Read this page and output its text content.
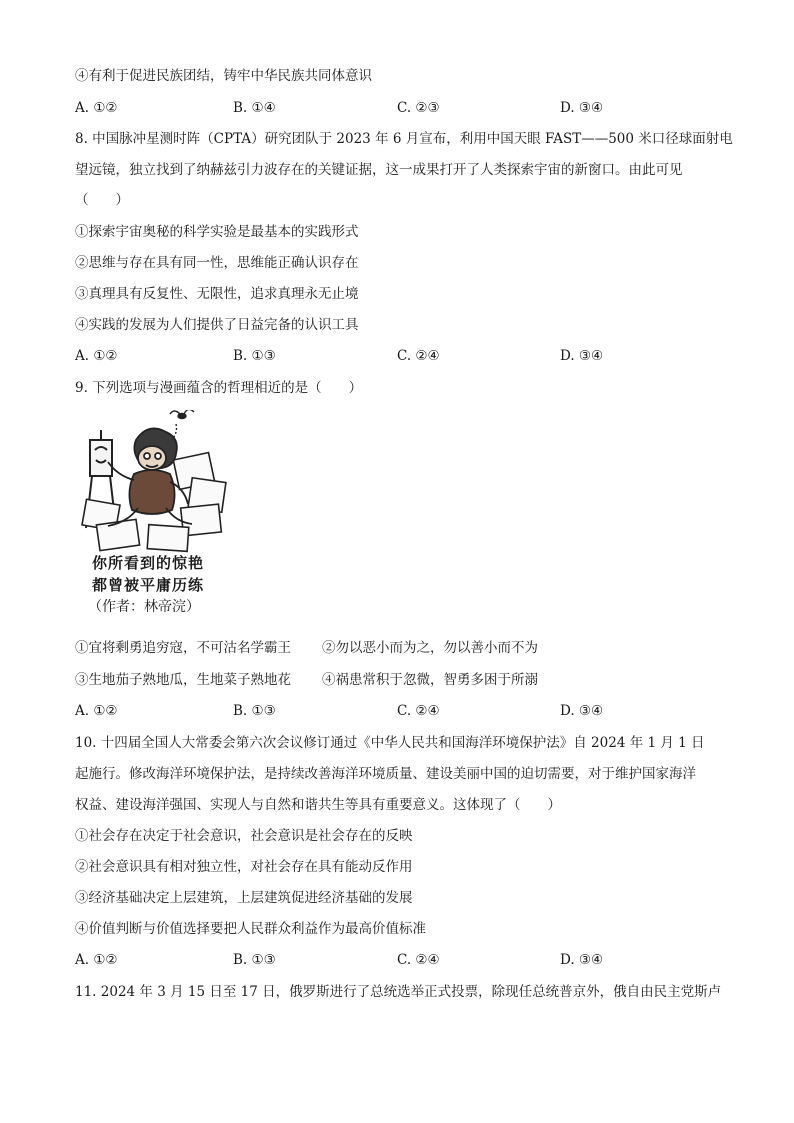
④有利于促进民族团结，铸牢中华民族共同体意识
A. ①②	B. ①④	C. ②③	D. ③④
8. 中国脉冲星测时阵（CPTA）研究团队于 2023 年 6 月宣布，利用中国天眼 FAST——500 米口径球面射电
望远镜，独立找到了纳赫兹引力波存在的关键证据，这一成果打开了人类探索宇宙的新窗口。由此可见
（　　）
①探索宇宙奥秘的科学实验是最基本的实践形式
②思维与存在具有同一性，思维能正确认识存在
③真理具有反复性、无限性，追求真理永无止境
④实践的发展为人们提供了日益完备的认识工具
A. ①②	B. ①③	C. ②④	D. ③④
9. 下列选项与漫画蕴含的哲理相近的是（　　）
你所看到的惊艳
都曾被平庸历练
（作者：林帝浣）
①宜将剩勇追穷寇，不可沽名学霸王 ②勿以恶小而为之，勿以善小而不为
③生地茄子熟地瓜，生地菜子熟地花 ④祸患常积于忽微，智勇多困于所溺
A. ①②	B. ①③	C. ②④	D. ③④
10. 十四届全国人大常委会第六次会议修订通过《中华人民共和国海洋环境保护法》自 2024 年 1 月 1 日
起施行。修改海洋环境保护法，是持续改善海洋环境质量、建设美丽中国的迫切需要，对于维护国家海洋
权益、建设海洋强国、实现人与自然和谐共生等具有重要意义。这体现了（　　）
①社会存在决定于社会意识，社会意识是社会存在的反映
②社会意识具有相对独立性，对社会存在具有能动反作用
③经济基础决定上层建筑，上层建筑促进经济基础的发展
④价值判断与价值选择要把人民群众利益作为最高价值标准
A. ①②	B. ①③	C. ②④	D. ③④
11. 2024 年 3 月 15 日至 17 日，俄罗斯进行了总统选举正式投票，除现任总统普京外，俄自由民主党斯卢
